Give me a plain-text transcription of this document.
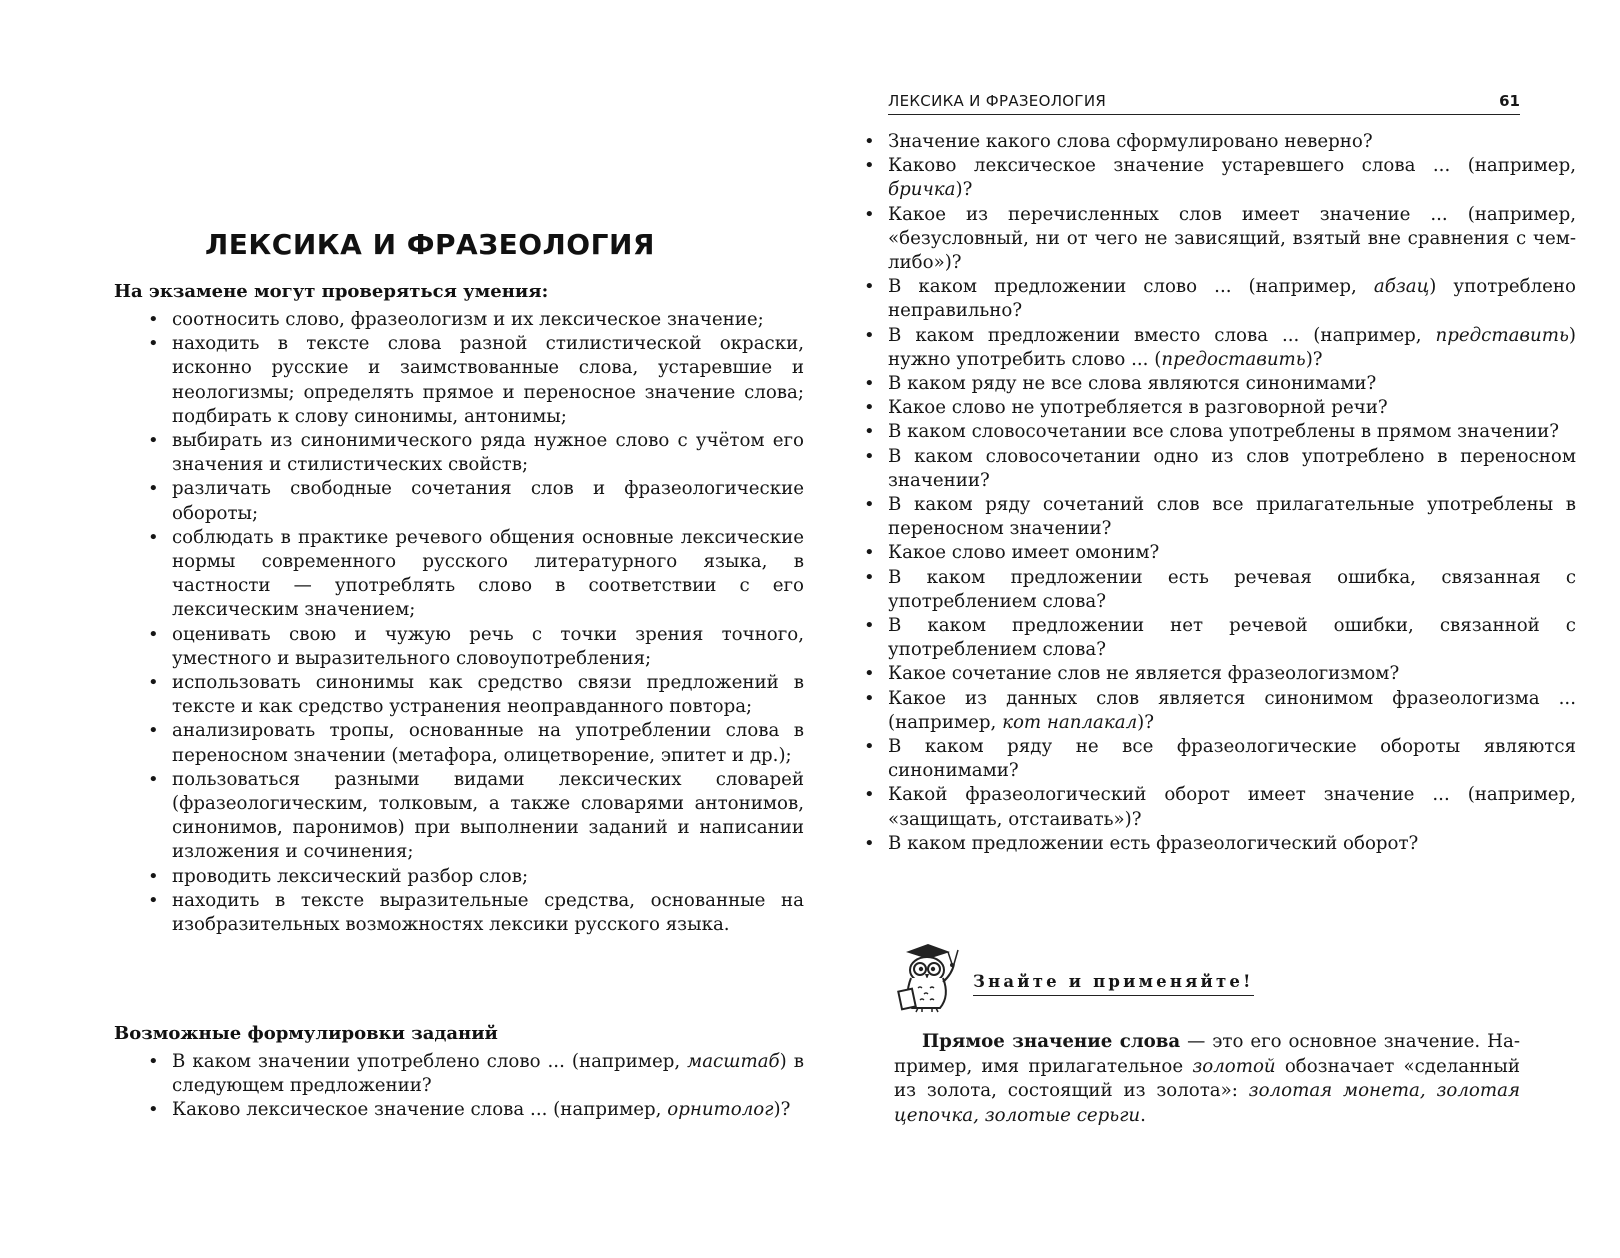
ЛЕКСИКА И ФРАЗЕОЛОГИЯ

На экзамене могут проверяться умения:

• соотносить слово, фразеологизм и их лексическое значение;
• находить в тексте слова разной стилистической окраски, исконно русские и заимствованные слова, устаревшие и неологизмы; определять прямое и переносное значение слова; подбирать к слову синонимы, антонимы;
• выбирать из синонимического ряда нужное слово с учётом его значения и стилистических свойств;
• различать свободные сочетания слов и фразеологические обороты;
• соблюдать в практике речевого общения основные лексические нормы современного русского литературного языка, в частности — употреблять слово в соответствии с его лексическим значением;
• оценивать свою и чужую речь с точки зрения точного, уместного и выразительного словоупотребления;
• использовать синонимы как средство связи предложений в тексте и как средство устранения неоправданного повтора;
• анализировать тропы, основанные на употреблении слова в переносном значении (метафора, олицетворение, эпитет и др.);
• пользоваться разными видами лексических словарей (фразеологическим, толковым, а также словарями антонимов, синонимов, паронимов) при выполнении заданий и написании изложения и сочинения;
• проводить лексический разбор слов;
• находить в тексте выразительные средства, основанные на изобразительных возможностях лексики русского языка.

Возможные формулировки заданий

• В каком значении употреблено слово ... (например, масштаб) в следующем предложении?
• Каково лексическое значение слова ... (например, орнитолог)?
ЛЕКСИКА И ФРАЗЕОЛОГИЯ	61
• Значение какого слова сформулировано неверно?
• Каково лексическое значение устаревшего слова ... (например, бричка)?
• Какое из перечисленных слов имеет значение ... (например, «безусловный, ни от чего не зависящий, взятый вне сравнения с чем-либо»)?
• В каком предложении слово ... (например, абзац) употреблено неправильно?
• В каком предложении вместо слова ... (например, представить) нужно употребить слово ... (предоставить)?
• В каком ряду не все слова являются синонимами?
• Какое слово не употребляется в разговорной речи?
• В каком словосочетании все слова употреблены в прямом значении?
• В каком словосочетании одно из слов употреблено в переносном значении?
• В каком ряду сочетаний слов все прилагательные употреблены в переносном значении?
• Какое слово имеет омоним?
• В каком предложении есть речевая ошибка, связанная с употреблением слова?
• В каком предложении нет речевой ошибки, связанной с употреблением слова?
• Какое сочетание слов не является фразеологизмом?
• Какое из данных слов является синонимом фразеологизма ... (например, кот наплакал)?
• В каком ряду не все фразеологические обороты являются синонимами?
• Какой фразеологический оборот имеет значение ... (например, «защищать, отстаивать»)?
• В каком предложении есть фразеологический оборот?

Знайте и применяйте!

Прямое значение слова — это его основное значение. Например, имя прилагательное золотой обозначает «сделанный из золота, состоящий из золота»: золотая монета, золотая цепочка, золотые серьги.
